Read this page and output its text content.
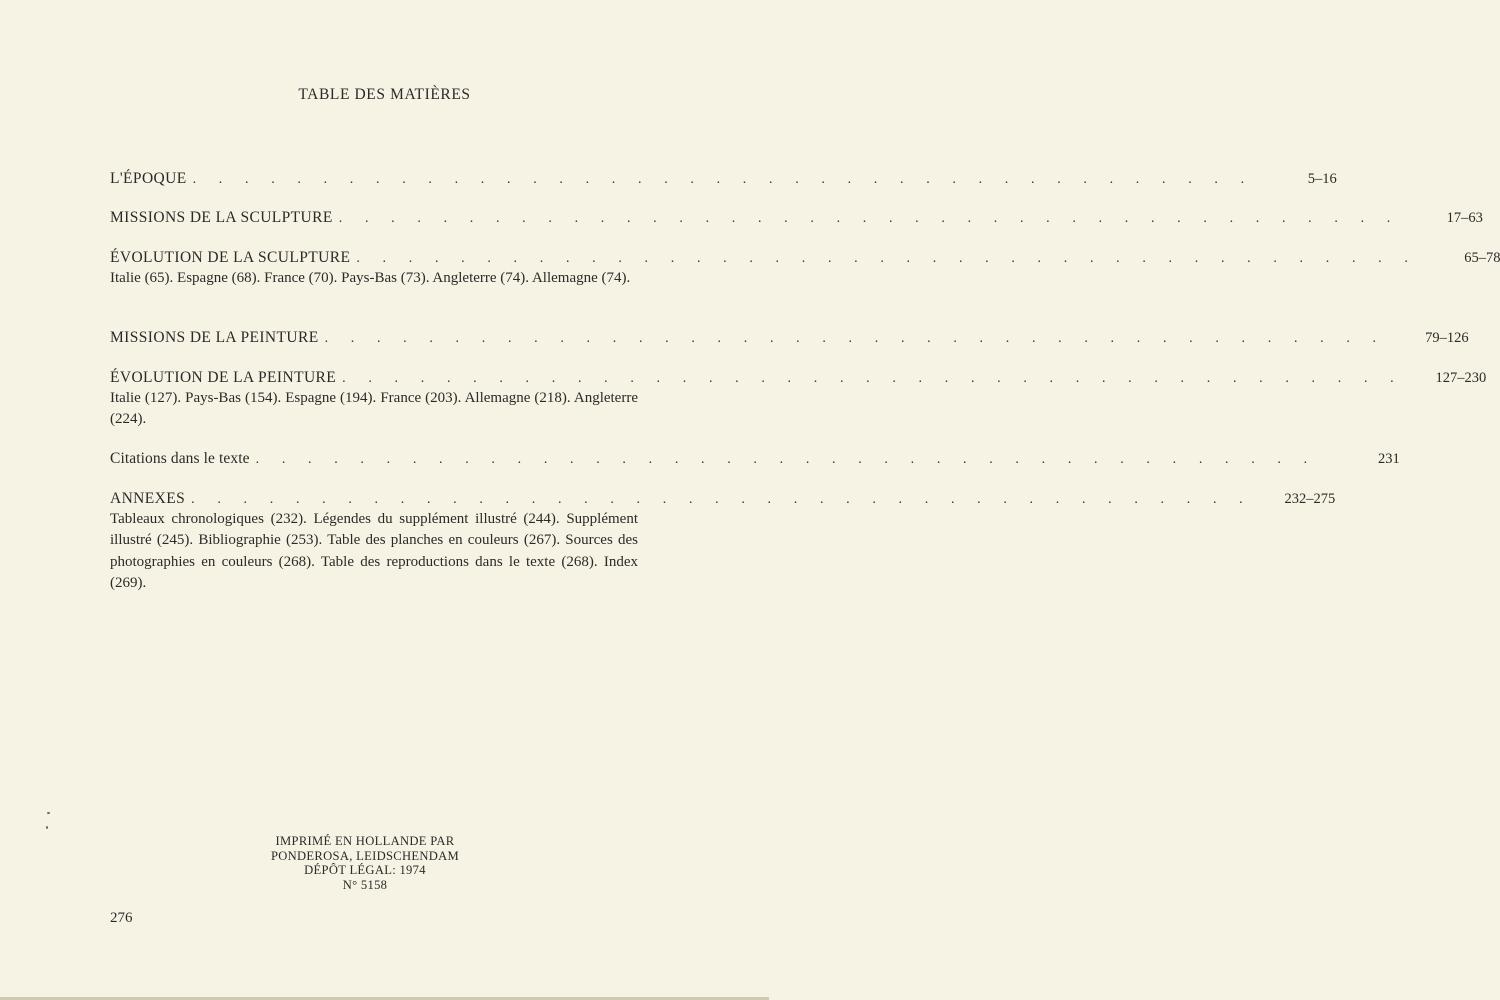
TABLE DES MATIÈRES
L'ÉPOQUE . . . . . . . . . . . . . . . . . . . . . . . . . . . . . . . . . . . . . . . . .	5–16
MISSIONS DE LA SCULPTURE . . . . . . . . . . . . . . . . . . . . . . . . . . . . . . . . . . . . . . . . .	17–63
ÉVOLUTION DE LA SCULPTURE . . . . . . . . . . . . . . . . . . . . . . . . . . . . . . . . . . . . . . . . .	65–78
Italie (65). Espagne (68). France (70). Pays-Bas (73). Angleterre (74). Allemagne (74).
MISSIONS DE LA PEINTURE . . . . . . . . . . . . . . . . . . . . . . . . . . . . . . . . . . . . . . . . .	79–126
ÉVOLUTION DE LA PEINTURE . . . . . . . . . . . . . . . . . . . . . . . . . . . . . . . . . . . . . . . . .	127–230
Italie (127). Pays-Bas (154). Espagne (194). France (203). Allemagne (218). Angleterre (224).
Citations dans le texte . . . . . . . . . . . . . . . . . . . . . . . . . . . . . . . . . . . . . . . . .	231
ANNEXES . . . . . . . . . . . . . . . . . . . . . . . . . . . . . . . . . . . . . . . . .	232–275
Tableaux chronologiques (232). Légendes du supplément illustré (244). Supplément illustré (245). Bibliographie (253). Table des planches en couleurs (267). Sources des photographies en couleurs (268). Table des reproductions dans le texte (268). Index (269).
IMPRIMÉ EN HOLLANDE PAR
PONDEROSA, LEIDSCHENDAM
DÉPÔT LÉGAL: 1974
N° 5158
276
